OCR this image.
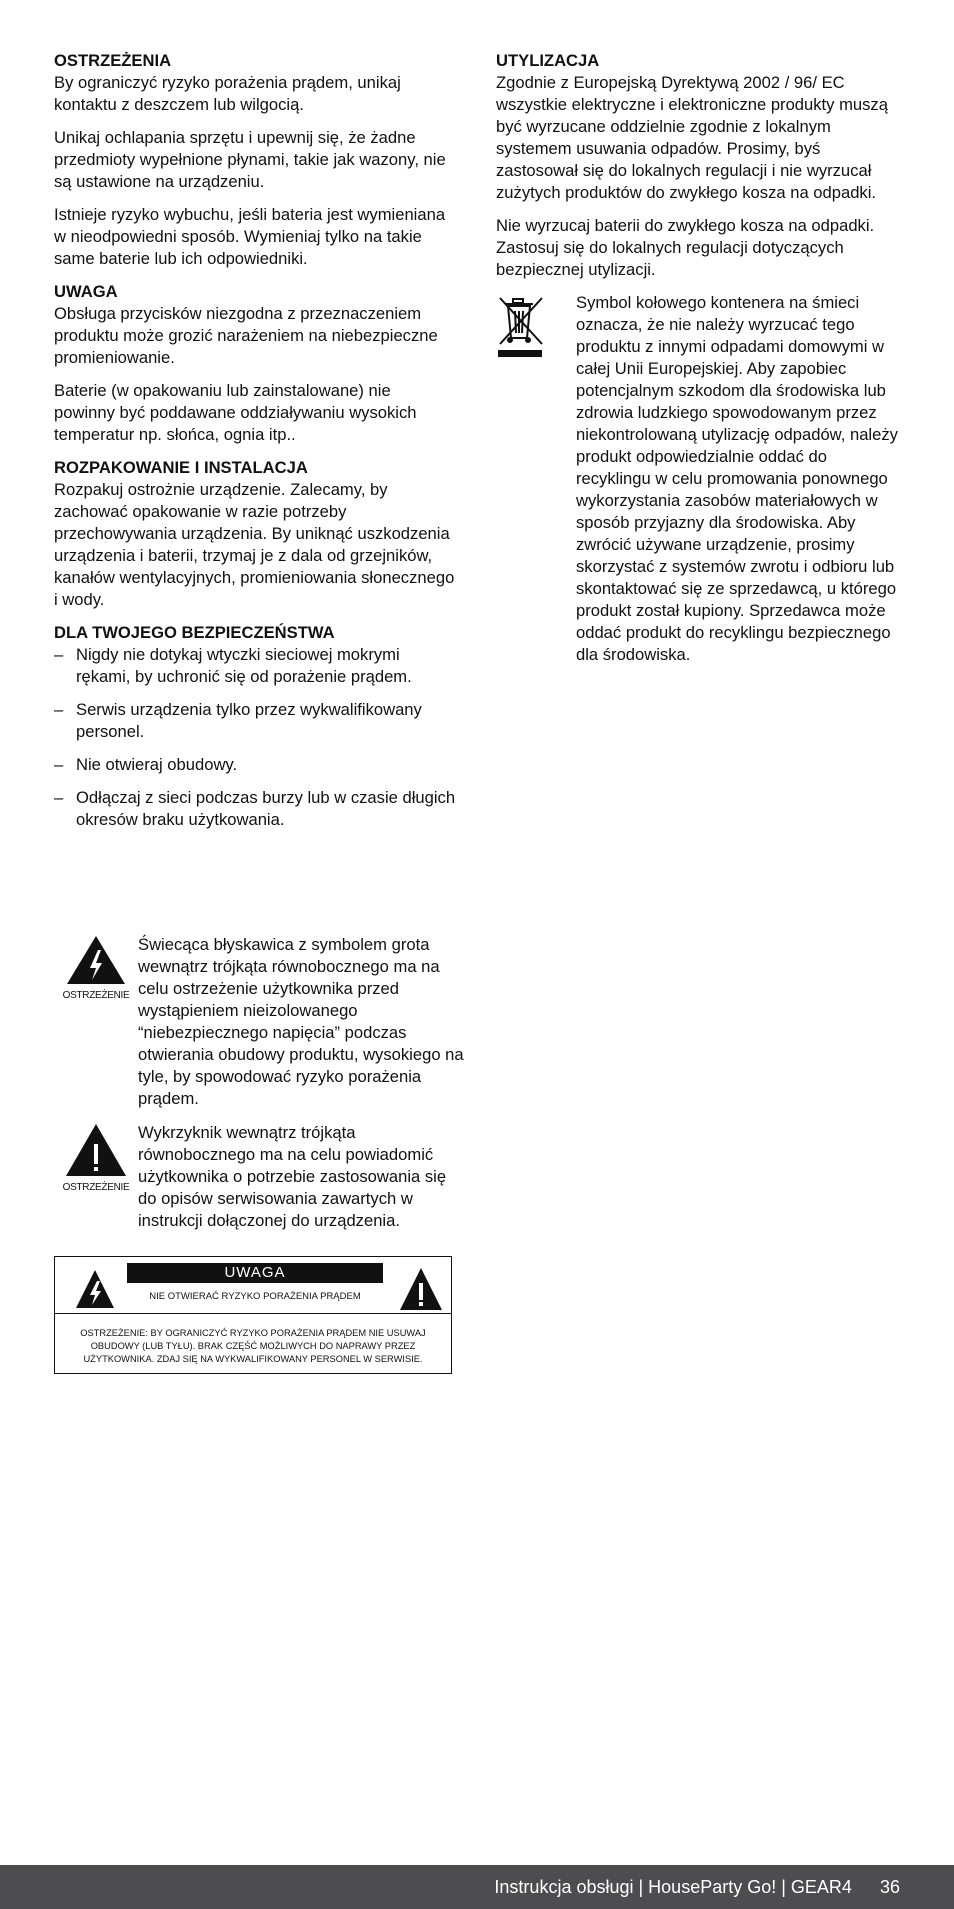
OSTRZEŻENIA

By ograniczyć ryzyko porażenia prądem, unikaj kontaktu z deszczem lub wilgocią.

Unikaj ochlapania sprzętu i upewnij się, że żadne przedmioty wypełnione płynami, takie jak wazony, nie są ustawione na urządzeniu.

Istnieje ryzyko wybuchu, jeśli bateria jest wymieniana w nieodpowiedni sposób. Wymieniaj tylko na takie same baterie lub ich odpowiedniki.

UWAGA

Obsługa przycisków niezgodna z przeznaczeniem produktu może grozić narażeniem na niebezpieczne promieniowanie.

Baterie (w opakowaniu lub zainstalowane) nie powinny być poddawane oddziaływaniu wysokich temperatur np. słońca, ognia itp..

ROZPAKOWANIE I INSTALACJA

Rozpakuj ostrożnie urządzenie. Zalecamy, by zachować opakowanie w razie potrzeby przechowywania urządzenia. By uniknąć uszkodzenia urządzenia i baterii, trzymaj je z dala od grzejników, kanałów wentylacyjnych, promieniowania słonecznego i wody.

DLA TWOJEGO BEZPIECZEŃSTWA
– Nigdy nie dotykaj wtyczki sieciowej mokrymi rękami, by uchronić się od porażenie prądem.
– Serwis urządzenia tylko przez wykwalifikowany personel.
– Nie otwieraj obudowy.
– Odłączaj z sieci podczas burzy lub w czasie długich okresów braku użytkowania.
OSTRZEŻENIE
Świecąca błyskawica z symbolem grota wewnątrz trójkąta równobocznego ma na celu ostrzeżenie użytkownika przed wystąpieniem nieizolowanego “niebezpiecznego napięcia” podczas otwierania obudowy produktu, wysokiego na tyle, by spowodować ryzyko porażenia prądem.
OSTRZEŻENIE
Wykrzyknik wewnątrz trójkąta równobocznego ma na celu powiadomić użytkownika o potrzebie zastosowania się do opisów serwisowania zawartych w instrukcji dołączonej do urządzenia.
UWAGA
NIE OTWIERAĆ RYZYKO PORAŻENIA PRĄDEM
OSTRZEŻENIE: BY OGRANICZYĆ RYZYKO PORAŻENIA PRĄDEM NIE USUWAJ OBUDOWY (LUB TYŁU). BRAK CZĘŚĆ MOŻLIWYCH DO NAPRAWY PRZEZ UŻYTKOWNIKA. ZDAJ SIĘ NA WYKWALIFIKOWANY PERSONEL W SERWISIE.
UTYLIZACJA

Zgodnie z Europejską Dyrektywą 2002 / 96/ EC wszystkie elektryczne i elektroniczne produkty muszą być wyrzucane oddzielnie zgodnie z lokalnym systemem usuwania odpadów. Prosimy, byś zastosował się do lokalnych regulacji i nie wyrzucał zużytych produktów do zwykłego kosza na odpadki.

Nie wyrzucaj baterii do zwykłego kosza na odpadki. Zastosuj się do lokalnych regulacji dotyczących bezpiecznej utylizacji.

Symbol kołowego kontenera na śmieci oznacza, że nie należy wyrzucać tego produktu z innymi odpadami domowymi w całej Unii Europejskiej. Aby zapobiec potencjalnym szkodom dla środowiska lub zdrowia ludzkiego spowodowanym przez niekontrolowaną utylizację odpadów, należy produkt odpowiedzialnie oddać do recyklingu w celu promowania ponownego wykorzystania zasobów materiałowych w sposób przyjazny dla środowiska. Aby zwrócić używane urządzenie, prosimy skorzystać z systemów zwrotu i odbioru lub skontaktować się ze sprzedawcą, u którego produkt został kupiony. Sprzedawca może oddać produkt do recyklingu bezpiecznego dla środowiska.
Instrukcja obsługi | HouseParty Go! | GEAR4 36
